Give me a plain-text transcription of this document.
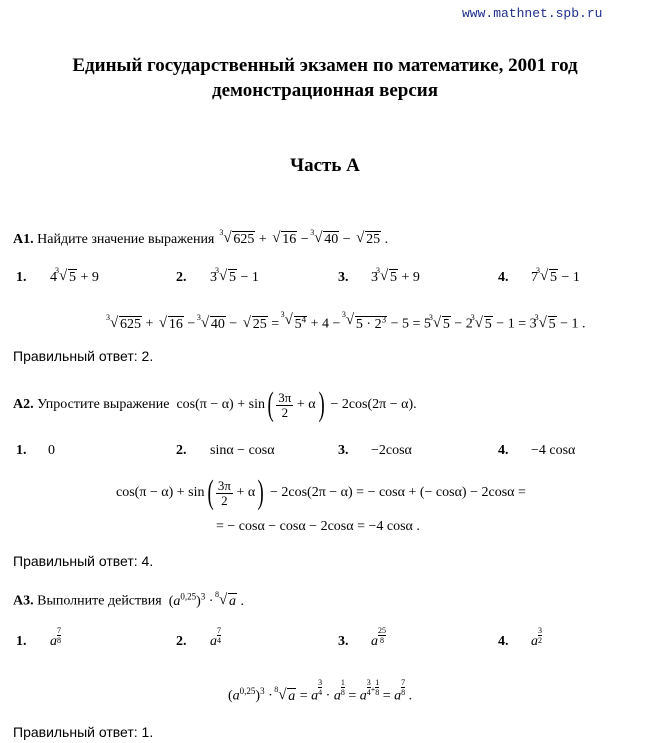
www.mathnet.spb.ru
Единый государственный экзамен по математике, 2001 год
демонстрационная версия
Часть А
A1. Найдите значение выражения
√ 3 625 + √ 16 −
√ 3 40 − √ 25 .
1. 4
√ 3 5 + 9	2. 3
√ 3 5 − 1	3. 3
√ 3 5 + 9	4. 7
√ 3 5 − 1
√ 3 625 + √ 16 −
√ 3 40 − √ 25 =
√ 3
$5^4 + 4$ −
√ 3
$5 \cdot 2^3 - 5 = 5$
√ 3 5 − 2
√ 3 5 − 1 = 3
√ 3 5 − 1 .
Правильный ответ: 2.
A2. Упростите выражение  $\cos(\pi - \alpha) + \sin( \frac{3\pi}{2} + \alpha) - 2\cos(2\pi - \alpha)$.
1. 0	2. sinα − cosα	3. −2cosα	4. −4 cosα
$\cos(\pi - \alpha) + \sin( \frac{3\pi}{2} + \alpha) - 2\cos(2\pi - \alpha)$ = − cosα + (− cosα) − 2cosα =
= − cosα − cosα − 2cosα = −4 cosα .
Правильный ответ: 4.
A3. Выполните действия  $(a^{0,25})^3$ ·
√ 8 a .
1. a $\frac{7}{8}$	2. a $\frac{7}{4}$	3. a $\frac{25}{8}$	4. a $\frac{3}{2}$
$(a^{0,25})^3$ ·
√ 8 a = a $\frac{3}{4} \cdot a \frac{1}{8} = a \frac{3}{4} ^+ \frac{1}{8} = a \frac{7}{8}$ .
Правильный ответ: 1.
